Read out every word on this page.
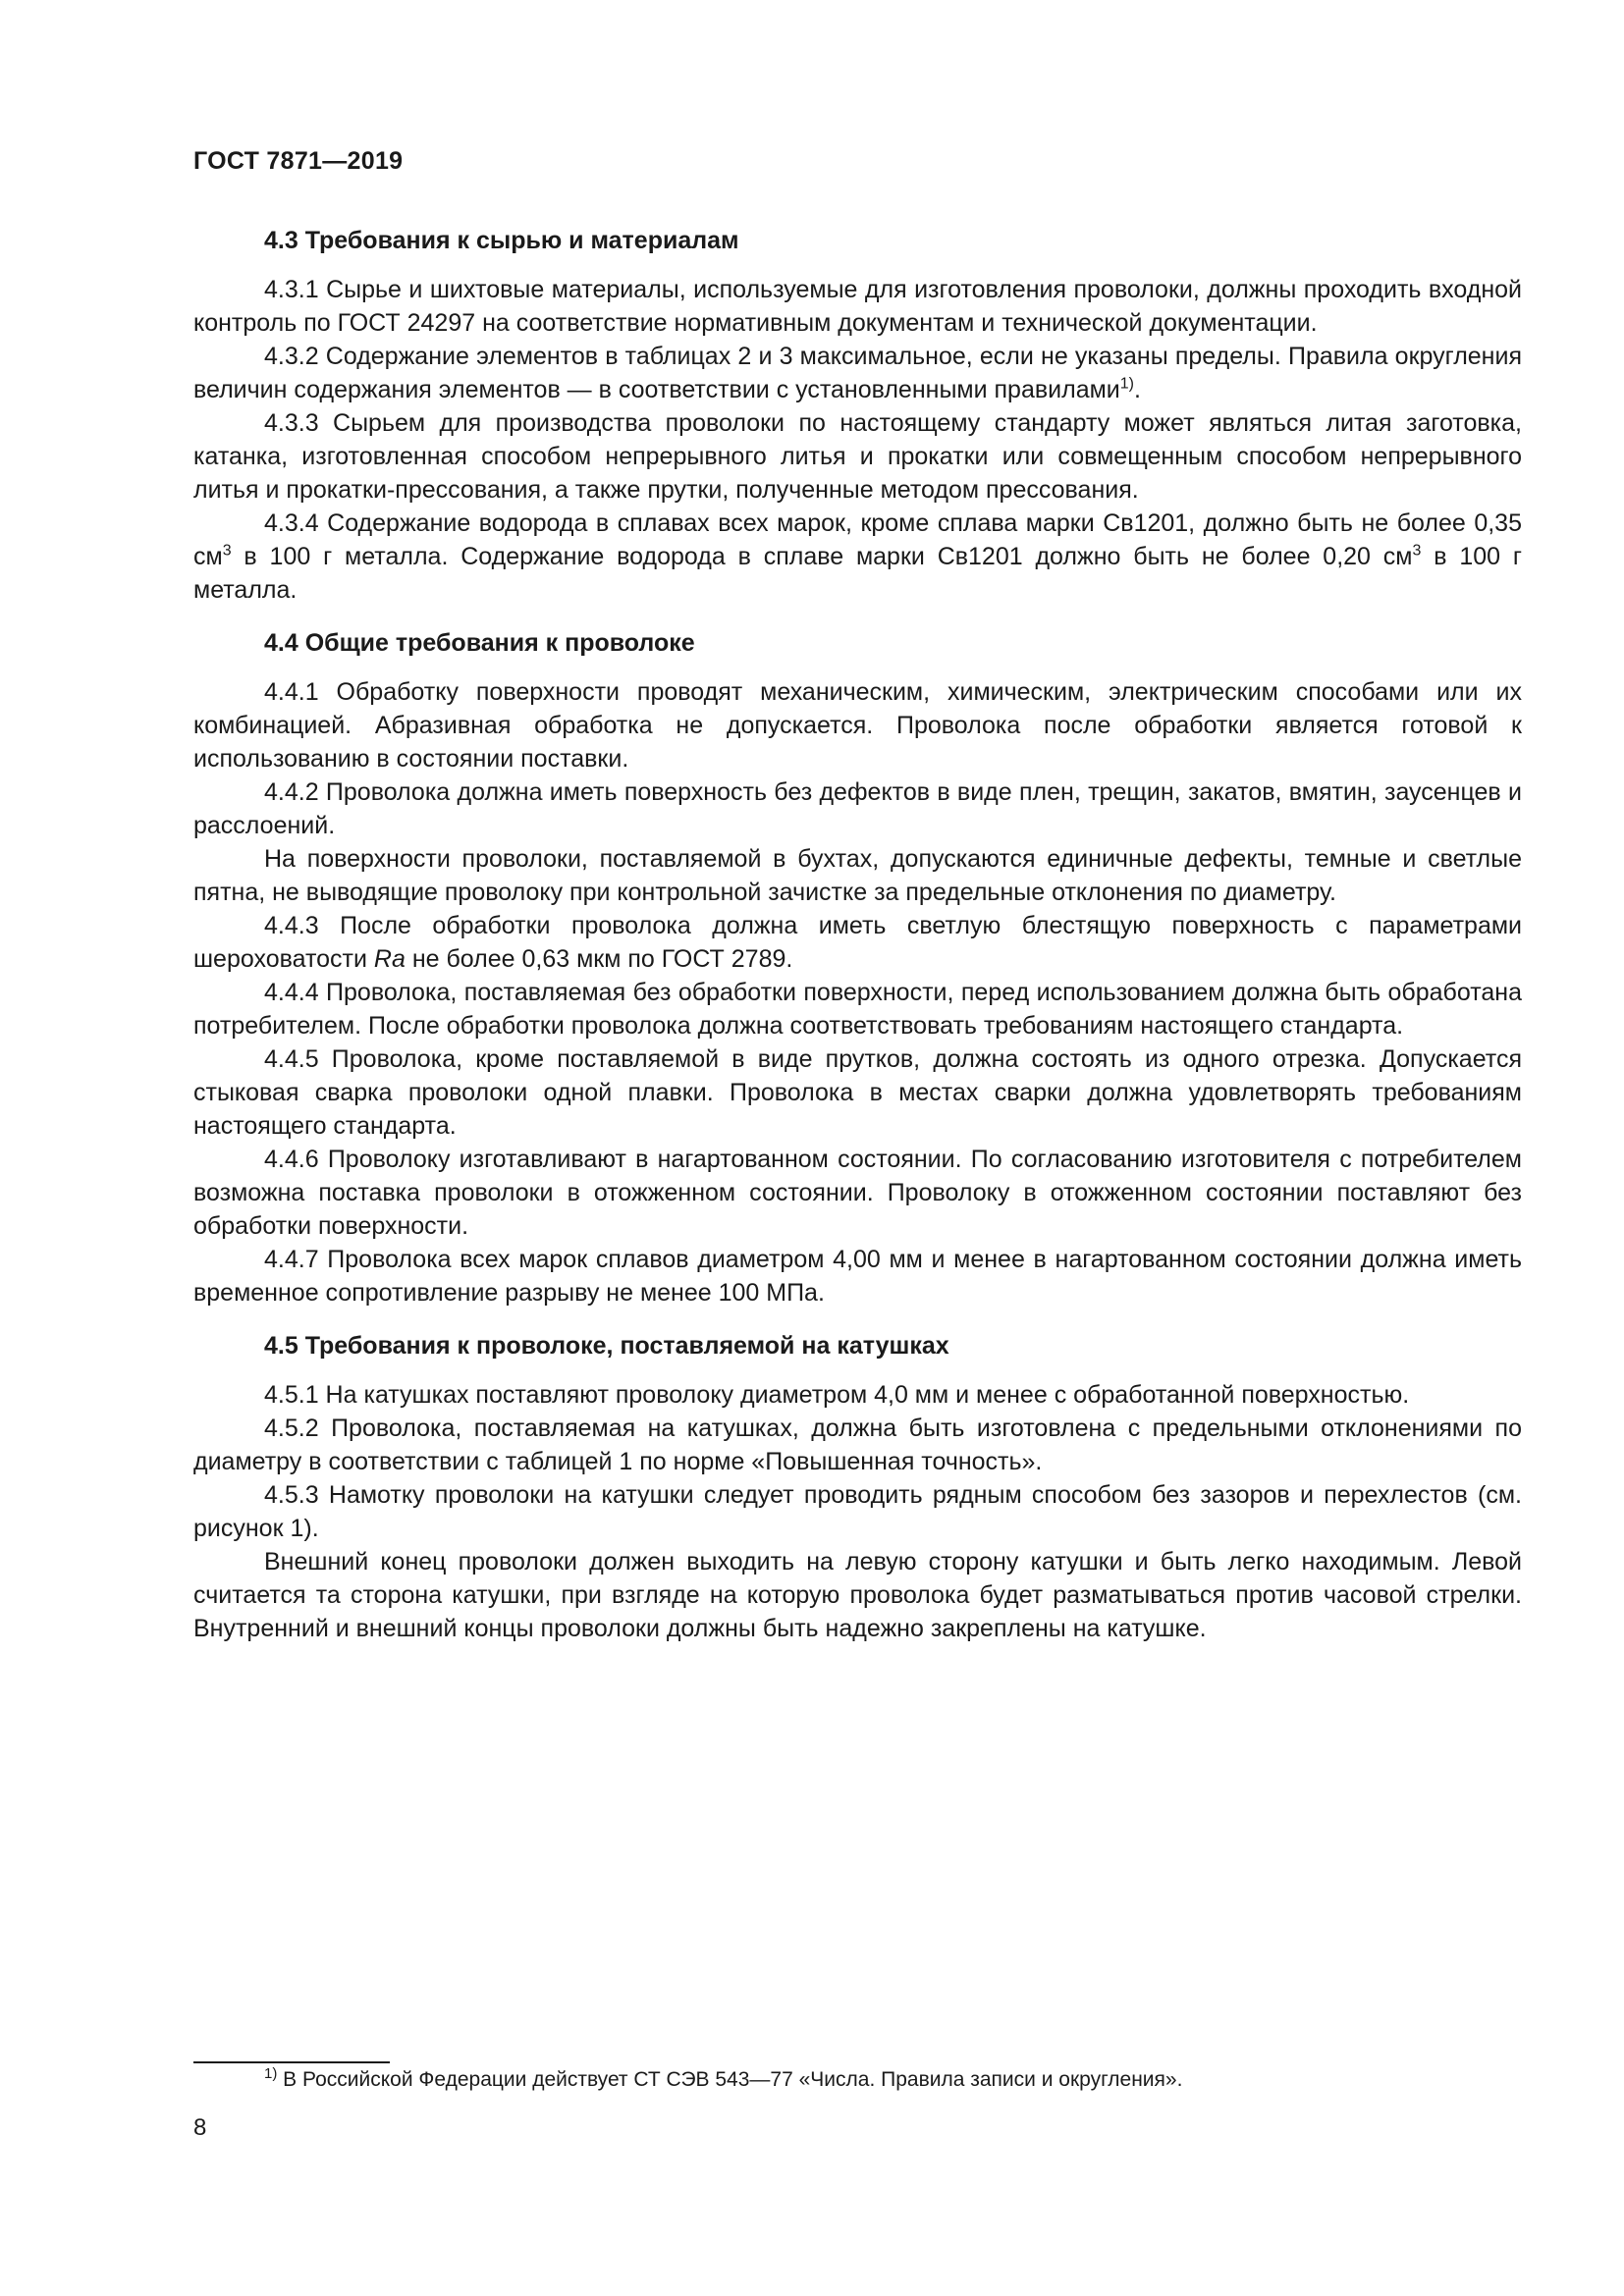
ГОСТ 7871—2019

4.3 Требования к сырью и материалам

4.3.1 Сырье и шихтовые материалы, используемые для изготовления проволоки, должны проходить входной контроль по ГОСТ 24297 на соответствие нормативным документам и технической документации.

4.3.2 Содержание элементов в таблицах 2 и 3 максимальное, если не указаны пределы. Правила округления величин содержания элементов — в соответствии с установленными правилами$^{1)}$.

4.3.3 Сырьем для производства проволоки по настоящему стандарту может являться литая заготовка, катанка, изготовленная способом непрерывного литья и прокатки или совмещенным способом непрерывного литья и прокатки-прессования, а также прутки, полученные методом прессования.

4.3.4 Содержание водорода в сплавах всех марок, кроме сплава марки Св1201, должно быть не более 0,35 $см^3$ в 100 г металла. Содержание водорода в сплаве марки Св1201 должно быть не более 0,20 $см^3$ в 100 г металла.

4.4 Общие требования к проволоке

4.4.1 Обработку поверхности проводят механическим, химическим, электрическим способами или их комбинацией. Абразивная обработка не допускается. Проволока после обработки является готовой к использованию в состоянии поставки.

4.4.2 Проволока должна иметь поверхность без дефектов в виде плен, трещин, закатов, вмятин, заусенцев и расслоений.

На поверхности проволоки, поставляемой в бухтах, допускаются единичные дефекты, темные и светлые пятна, не выводящие проволоку при контрольной зачистке за предельные отклонения по диаметру.

4.4.3 После обработки проволока должна иметь светлую блестящую поверхность с параметрами шероховатости Ra не более 0,63 мкм по ГОСТ 2789.

4.4.4 Проволока, поставляемая без обработки поверхности, перед использованием должна быть обработана потребителем. После обработки проволока должна соответствовать требованиям настоящего стандарта.

4.4.5 Проволока, кроме поставляемой в виде прутков, должна состоять из одного отрезка. Допускается стыковая сварка проволоки одной плавки. Проволока в местах сварки должна удовлетворять требованиям настоящего стандарта.

4.4.6 Проволоку изготавливают в нагартованном состоянии. По согласованию изготовителя с потребителем возможна поставка проволоки в отожженном состоянии. Проволоку в отожженном состоянии поставляют без обработки поверхности.

4.4.7 Проволока всех марок сплавов диаметром 4,00 мм и менее в нагартованном состоянии должна иметь временное сопротивление разрыву не менее 100 МПа.

4.5 Требования к проволоке, поставляемой на катушках

4.5.1 На катушках поставляют проволоку диаметром 4,0 мм и менее с обработанной поверхностью.

4.5.2 Проволока, поставляемая на катушках, должна быть изготовлена с предельными отклонениями по диаметру в соответствии с таблицей 1 по норме «Повышенная точность».

4.5.3 Намотку проволоки на катушки следует проводить рядным способом без зазоров и перехлестов (см. рисунок 1).

Внешний конец проволоки должен выходить на левую сторону катушки и быть легко находимым. Левой считается та сторона катушки, при взгляде на которую проволока будет разматываться против часовой стрелки. Внутренний и внешний концы проволоки должны быть надежно закреплены на катушке.

$^{1)}$ В Российской Федерации действует СТ СЭВ 543—77 «Числа. Правила записи и округления».

8
